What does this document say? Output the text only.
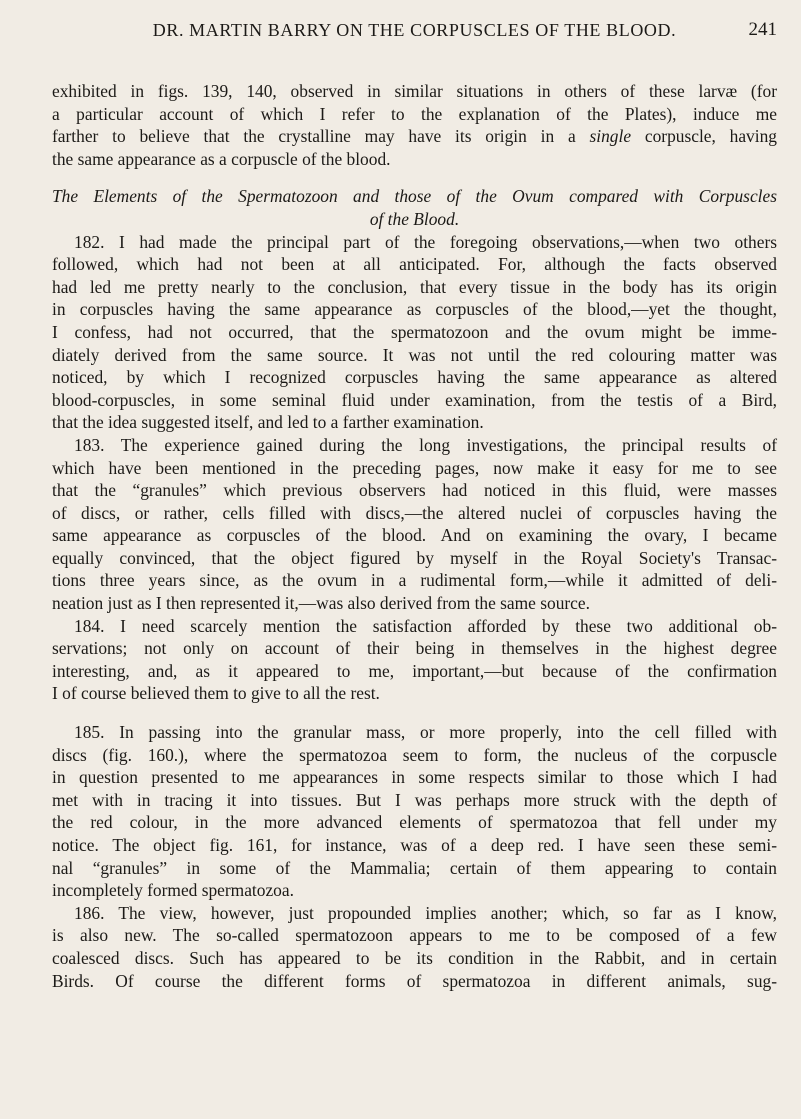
DR. MARTIN BARRY ON THE CORPUSCLES OF THE BLOOD.	241
exhibited in figs. 139, 140, observed in similar situations in others of these larvæ (for
a particular account of which I refer to the explanation of the Plates), induce me
farther to believe that the crystalline may have its origin in a single corpuscle, having
the same appearance as a corpuscle of the blood.
The Elements of the Spermatozoon and those of the Ovum compared with Corpuscles
of the Blood.
182. I had made the principal part of the foregoing observations,—when two others
followed, which had not been at all anticipated. For, although the facts observed
had led me pretty nearly to the conclusion, that every tissue in the body has its origin
in corpuscles having the same appearance as corpuscles of the blood,—yet the thought,
I confess, had not occurred, that the spermatozoon and the ovum might be imme-
diately derived from the same source. It was not until the red colouring matter was
noticed, by which I recognized corpuscles having the same appearance as altered
blood-corpuscles, in some seminal fluid under examination, from the testis of a Bird,
that the idea suggested itself, and led to a farther examination.
183. The experience gained during the long investigations, the principal results of
which have been mentioned in the preceding pages, now make it easy for me to see
that the “granules” which previous observers had noticed in this fluid, were masses
of discs, or rather, cells filled with discs,—the altered nuclei of corpuscles having the
same appearance as corpuscles of the blood. And on examining the ovary, I became
equally convinced, that the object figured by myself in the Royal Society's Transac-
tions three years since, as the ovum in a rudimental form,—while it admitted of deli-
neation just as I then represented it,—was also derived from the same source.
184. I need scarcely mention the satisfaction afforded by these two additional ob-
servations; not only on account of their being in themselves in the highest degree
interesting, and, as it appeared to me, important,—but because of the confirmation
I of course believed them to give to all the rest.
185. In passing into the granular mass, or more properly, into the cell filled with
discs (fig. 160.), where the spermatozoa seem to form, the nucleus of the corpuscle
in question presented to me appearances in some respects similar to those which I had
met with in tracing it into tissues. But I was perhaps more struck with the depth of
the red colour, in the more advanced elements of spermatozoa that fell under my
notice. The object fig. 161, for instance, was of a deep red. I have seen these semi-
nal “granules” in some of the Mammalia; certain of them appearing to contain
incompletely formed spermatozoa.
186. The view, however, just propounded implies another; which, so far as I know,
is also new. The so-called spermatozoon appears to me to be composed of a few
coalesced discs. Such has appeared to be its condition in the Rabbit, and in certain
Birds. Of course the different forms of spermatozoa in different animals, sug-
